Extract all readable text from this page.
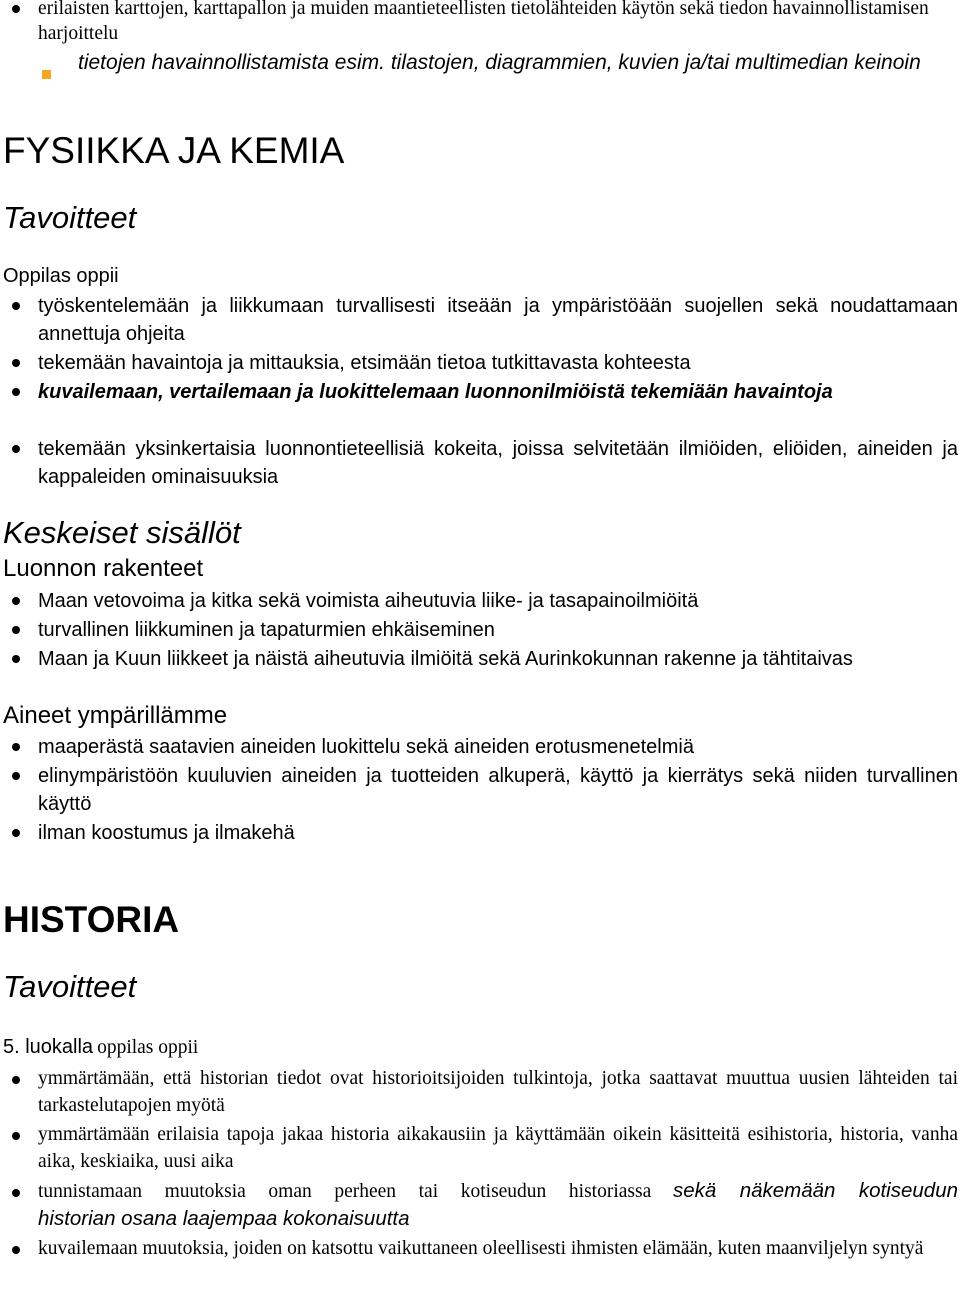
erilaisten karttojen, karttapallon ja muiden maantieteellisten tietolähteiden käytön sekä tiedon havainnollistamisen harjoittelu
tietojen havainnollistamista esim. tilastojen, diagrammien, kuvien ja/tai multimedian keinoin
FYSIIKKA JA KEMIA
Tavoitteet
Oppilas oppii
työskentelemään ja liikkumaan turvallisesti itseään ja ympäristöään suojellen sekä noudattamaan annettuja ohjeita
tekemään havaintoja ja mittauksia, etsimään tietoa tutkittavasta kohteesta
kuvailemaan, vertailemaan ja luokittelemaan luonnonilmiöistä tekemiään havaintoja
tekemään yksinkertaisia luonnontieteellisiä kokeita, joissa selvitetään ilmiöiden, eliöiden, aineiden ja kappaleiden ominaisuuksia
Keskeiset sisällöt
Luonnon rakenteet
Maan vetovoima ja kitka sekä voimista aiheutuvia liike- ja tasapainoilmiöitä
turvallinen liikkuminen ja tapaturmien ehkäiseminen
Maan ja Kuun liikkeet ja näistä aiheutuvia ilmiöitä sekä Aurinkokunnan rakenne ja tähtitaivas
Aineet ympärillämme
maaperästä saatavien aineiden luokittelu sekä aineiden erotusmenetelmiä
elinympäristöön kuuluvien aineiden ja tuotteiden alkuperä, käyttö ja kierrätys sekä niiden turvallinen käyttö
ilman koostumus ja ilmakehä
HISTORIA
Tavoitteet
5. luokalla oppilas oppii
ymmärtämään, että historian tiedot ovat historioitsijoiden tulkintoja, jotka saattavat muuttua uusien lähteiden tai tarkastelutapojen myötä
ymmärtämään erilaisia tapoja jakaa historia aikakausiin ja käyttämään oikein käsitteitä esihistoria, historia, vanha aika, keskiaika, uusi aika
tunnistamaan muutoksia oman perheen tai kotiseudun historiassa sekä näkemään kotiseudun
historian osana laajempaa kokonaisuutta
kuvailemaan muutoksia, joiden on katsottu vaikuttaneen oleellisesti ihmisten elämään, kuten maanviljelyn syntyä
